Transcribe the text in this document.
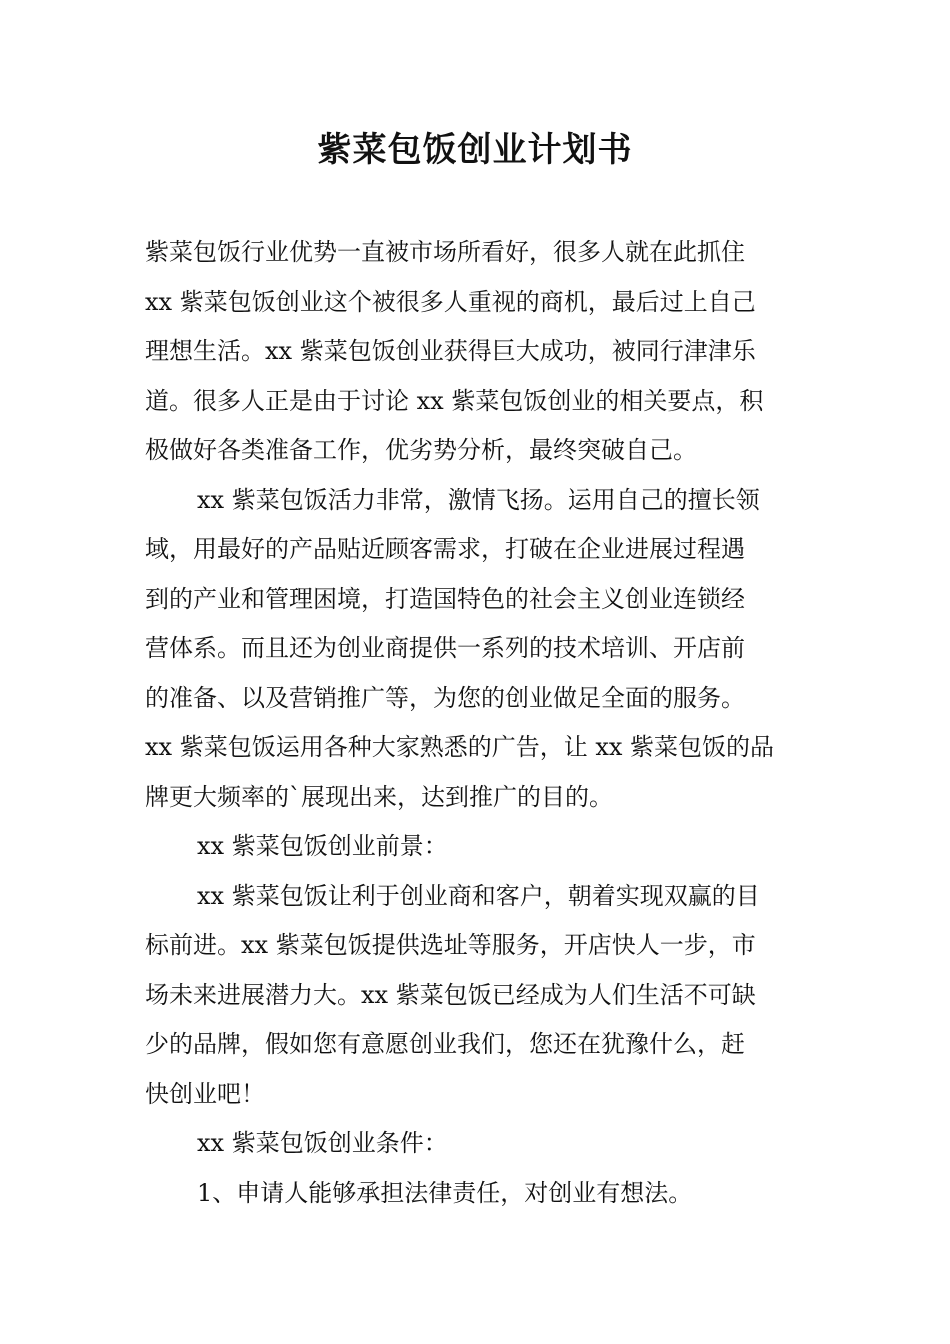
紫菜包饭创业计划书

紫菜包饭行业优势一直被市场所看好，很多人就在此抓住

xx 紫菜包饭创业这个被很多人重视的商机，最后过上自己

理想生活。xx 紫菜包饭创业获得巨大成功，被同行津津乐

道。很多人正是由于讨论 xx 紫菜包饭创业的相关要点，积

极做好各类准备工作，优劣势分析，最终突破自己。

xx 紫菜包饭活力非常，激情飞扬。运用自己的擅长领

域，用最好的产品贴近顾客需求，打破在企业进展过程遇

到的产业和管理困境，打造国特色的社会主义创业连锁经

营体系。而且还为创业商提供一系列的技术培训、开店前

的准备、以及营销推广等，为您的创业做足全面的服务。

xx 紫菜包饭运用各种大家熟悉的广告，让 xx 紫菜包饭的品

牌更大频率的`展现出来，达到推广的目的。

xx 紫菜包饭创业前景：

xx 紫菜包饭让利于创业商和客户，朝着实现双赢的目

标前进。xx 紫菜包饭提供选址等服务，开店快人一步，市

场未来进展潜力大。xx 紫菜包饭已经成为人们生活不可缺

少的品牌，假如您有意愿创业我们，您还在犹豫什么，赶

快创业吧！

xx 紫菜包饭创业条件：

1、申请人能够承担法律责任，对创业有想法。
